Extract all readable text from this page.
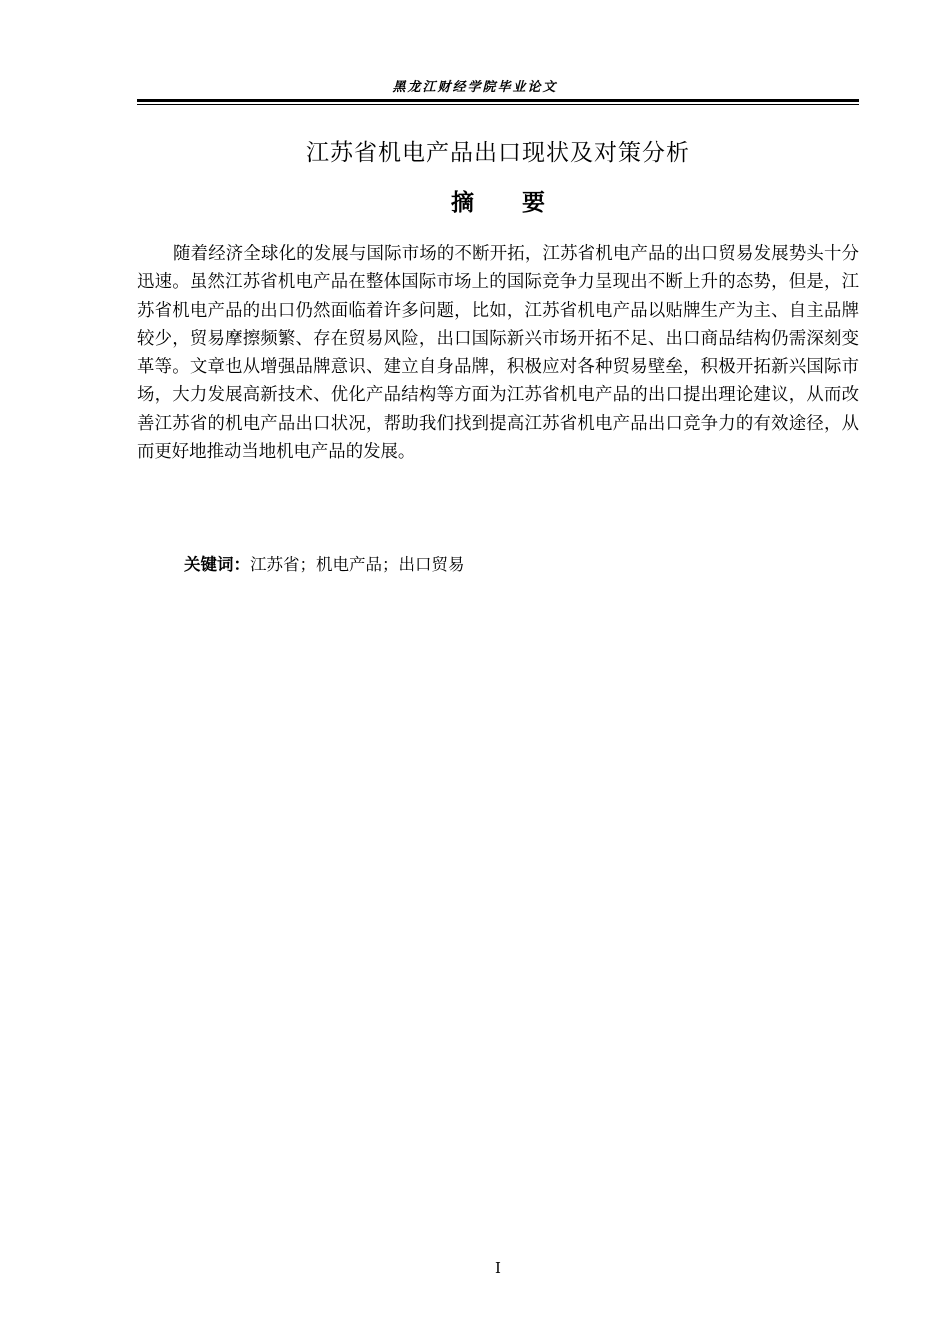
黑龙江财经学院毕业论文
江苏省机电产品出口现状及对策分析
摘要

随着经济全球化的发展与国际市场的不断开拓，江苏省机电产品的出口贸易发展势头十分迅速。虽然江苏省机电产品在整体国际市场上的国际竞争力呈现出不断上升的态势，但是，江苏省机电产品的出口仍然面临着许多问题，比如，江苏省机电产品以贴牌生产为主、自主品牌较少，贸易摩擦频繁、存在贸易风险，出口国际新兴市场开拓不足、出口商品结构仍需深刻变革等。文章也从增强品牌意识、建立自身品牌，积极应对各种贸易壁垒，积极开拓新兴国际市场，大力发展高新技术、优化产品结构等方面为江苏省机电产品的出口提出理论建议，从而改善江苏省的机电产品出口状况，帮助我们找到提高江苏省机电产品出口竞争力的有效途径，从而更好地推动当地机电产品的发展。

关键词：江苏省；机电产品；出口贸易
I
